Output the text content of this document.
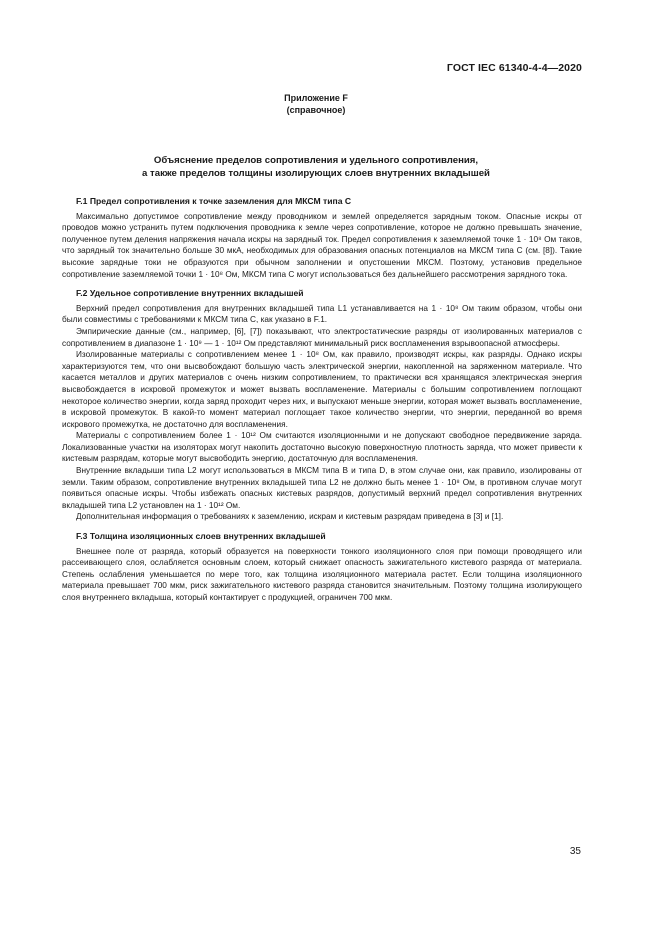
ГОСТ IEC 61340-4-4—2020
Приложение F
(справочное)
Объяснение пределов сопротивления и удельного сопротивления,
а также пределов толщины изолирующих слоев внутренних вкладышей
F.1 Предел сопротивления к точке заземления для МКСМ типа С

Максимально допустимое сопротивление между проводником и землей определяется зарядным током. Опасные искры от проводов можно устранить путем подключения проводника к земле через сопротивление, которое не должно превышать значение, полученное путем деления напряжения начала искры на зарядный ток. Предел сопротивления к заземляемой точке 1 · 10⁸ Ом таков, что зарядный ток значительно больше 30 мкА, необходимых для образования опасных потенциалов на МКСМ типа С (см. [8]). Такие высокие зарядные токи не образуются при обычном заполнении и опустошении МКСМ. Поэтому, установив предельное сопротивление заземляемой точки 1 · 10⁸ Ом, МКСМ типа С могут использоваться без дальнейшего рассмотрения зарядного тока.

F.2 Удельное сопротивление внутренних вкладышей

Верхний предел сопротивления для внутренних вкладышей типа L1 устанавливается на 1 · 10⁸ Ом таким образом, чтобы они были совместимы с требованиями к МКСМ типа С, как указано в F.1.

Эмпирические данные (см., например, [6], [7]) показывают, что электростатические разряды от изолированных материалов с сопротивлением в диапазоне 1 · 10⁹ — 1 · 10¹² Ом представляют минимальный риск воспламенения взрывоопасной атмосферы.

Изолированные материалы с сопротивлением менее 1 · 10⁸ Ом, как правило, производят искры, как разряды. Однако искры характеризуются тем, что они высвобождают большую часть электрической энергии, накопленной на заряженном материале. Что касается металлов и других материалов с очень низким сопротивлением, то практически вся хранящаяся электрическая энергия высвобождается в искровой промежуток и может вызвать воспламенение. Материалы с большим сопротивлением поглощают некоторое количество энергии, когда заряд проходит через них, и выпускают меньше энергии, которая может вызвать воспламенение, в искровой промежуток. В какой-то момент материал поглощает такое количество энергии, что энергии, переданной во время искрового промежутка, не достаточно для воспламенения.

Материалы с сопротивлением более 1 · 10¹² Ом считаются изоляционными и не допускают свободное передвижение заряда. Локализованные участки на изоляторах могут накопить достаточно высокую поверхностную плотность заряда, что может привести к кистевым разрядам, которые могут высвободить энергию, достаточную для воспламенения.

Внутренние вкладыши типа L2 могут использоваться в МКСМ типа В и типа D, в этом случае они, как правило, изолированы от земли. Таким образом, сопротивление внутренних вкладышей типа L2 не должно быть менее 1 · 10⁸ Ом, в противном случае могут появиться опасные искры. Чтобы избежать опасных кистевых разрядов, допустимый верхний предел сопротивления внутренних вкладышей типа L2 установлен на 1 · 10¹² Ом.

Дополнительная информация о требованиях к заземлению, искрам и кистевым разрядам приведена в [3] и [1].

F.3 Толщина изоляционных слоев внутренних вкладышей

Внешнее поле от разряда, который образуется на поверхности тонкого изоляционного слоя при помощи проводящего или рассеивающего слоя, ослабляется основным слоем, который снижает опасность зажигательного кистевого разряда от материала. Степень ослабления уменьшается по мере того, как толщина изоляционного материала растет. Если толщина изоляционного материала превышает 700 мкм, риск зажигательного кистевого разряда становится значительным. Поэтому толщина изолирующего слоя внутреннего вкладыша, который контактирует с продукцией, ограничен 700 мкм.

35
